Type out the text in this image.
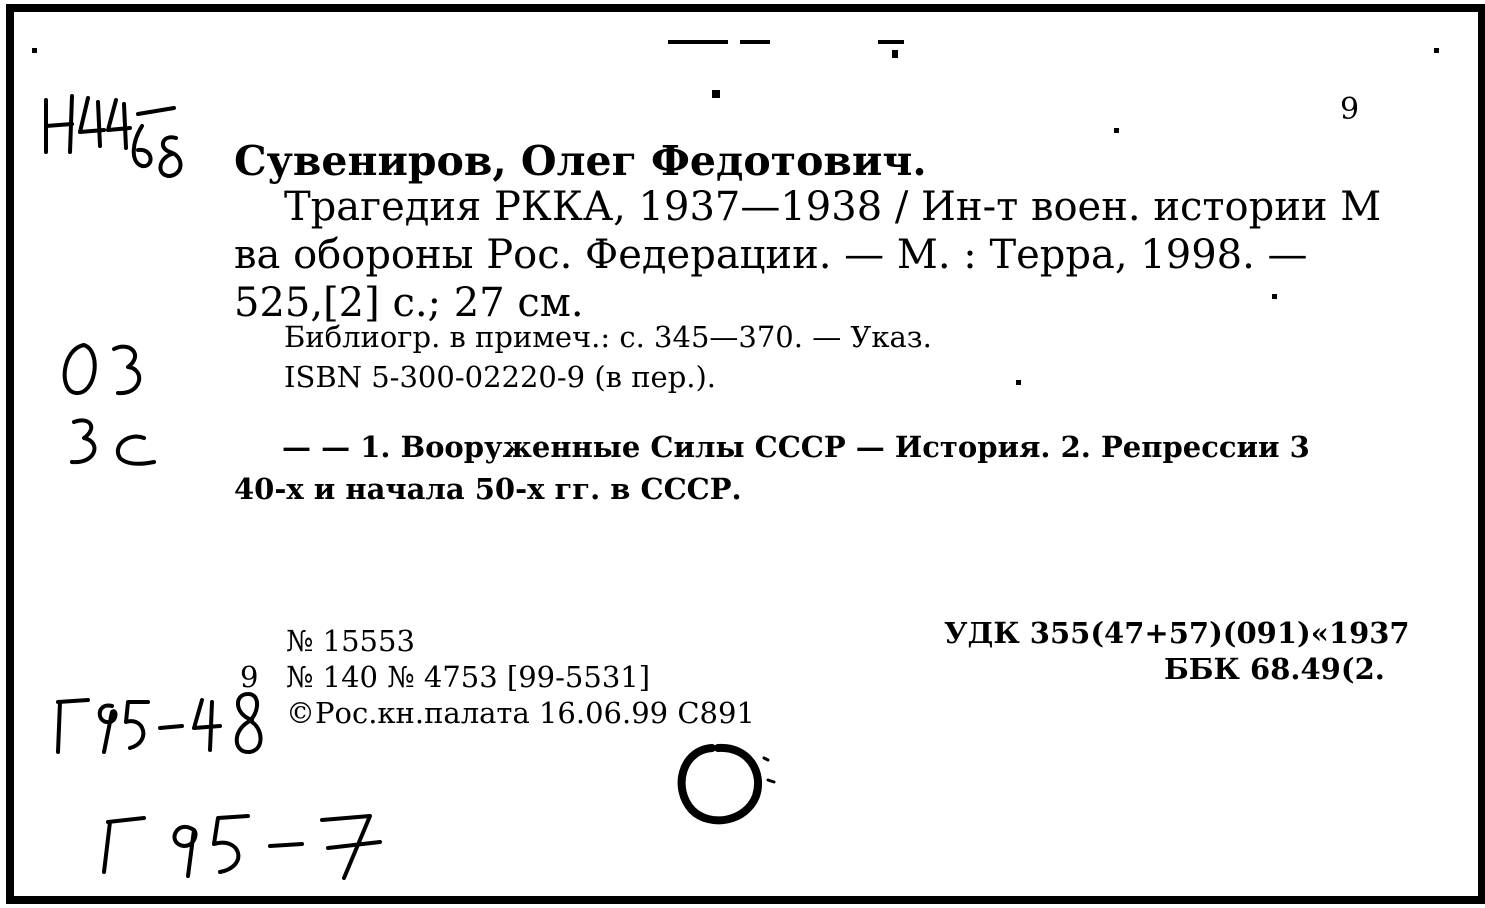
9
Сувениров, Олег Федотович.
Трагедия РККА, 1937—1938 / Ин-т воен. истории М
ва обороны Рос. Федерации. — М. : Терра, 1998. —
525,[2] с.; 27 см.
Библиогр. в примеч.: с. 345—370. — Указ.
ISBN 5-300-02220-9 (в пер.).
— — 1. Вооруженные Силы СССР — История. 2. Репрессии 3
40-х и начала 50-х гг. в СССР.
№ 15553
9 № 140 № 4753 [99-5531]
©Рос.кн.палата 16.06.99 С891
УДК 355(47+57)(091)«1937
ББК 68.49(2.
